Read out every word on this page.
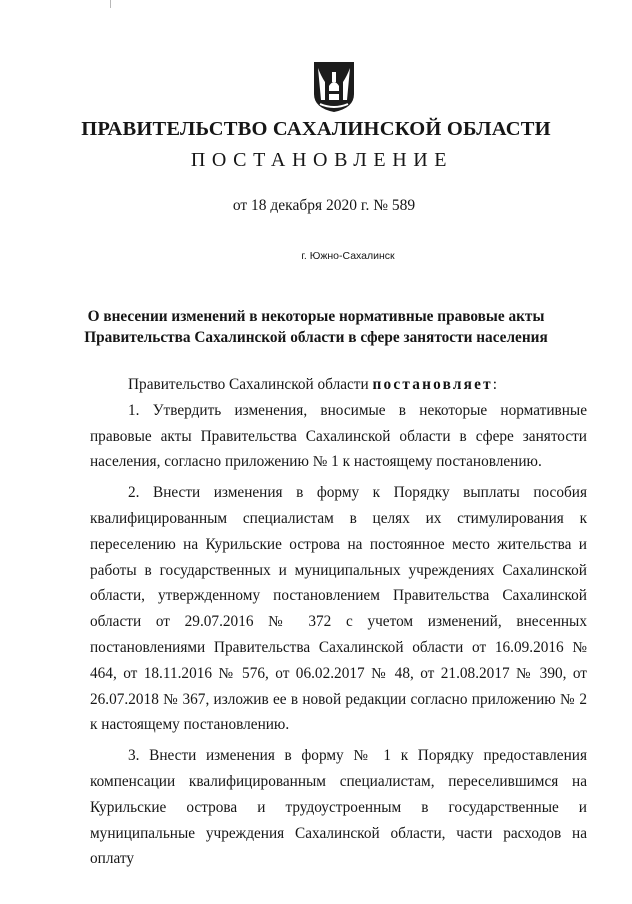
ПРАВИТЕЛЬСТВО САХАЛИНСКОЙ ОБЛАСТИ
ПОСТАНОВЛЕНИЕ
от 18 декабря 2020 г. № 589
г. Южно-Сахалинск
О внесении изменений в некоторые нормативные правовые акты
Правительства Сахалинской области в сфере занятости населения

Правительство Сахалинской области постановляет:

1. Утвердить изменения, вносимые в некоторые нормативные правовые акты Правительства Сахалинской области в сфере занятости населения, согласно приложению № 1 к настоящему постановлению.

2. Внести изменения в форму к Порядку выплаты пособия квалифицированным специалистам в целях их стимулирования к переселению на Курильские острова на постоянное место жительства и работы в государственных и муниципальных учреждениях Сахалинской области, утвержденному постановлением Правительства Сахалинской области от 29.07.2016 № 372 с учетом изменений, внесенных постановлениями Правительства Сахалинской области от 16.09.2016 № 464, от 18.11.2016 № 576, от 06.02.2017 № 48, от 21.08.2017 № 390, от 26.07.2018 № 367, изложив ее в новой редакции согласно приложению № 2 к настоящему постановлению.

3. Внести изменения в форму № 1 к Порядку предоставления компенсации квалифицированным специалистам, переселившимся на Курильские острова и трудоустроенным в государственные и муниципальные учреждения Сахалинской области, части расходов на оплату
